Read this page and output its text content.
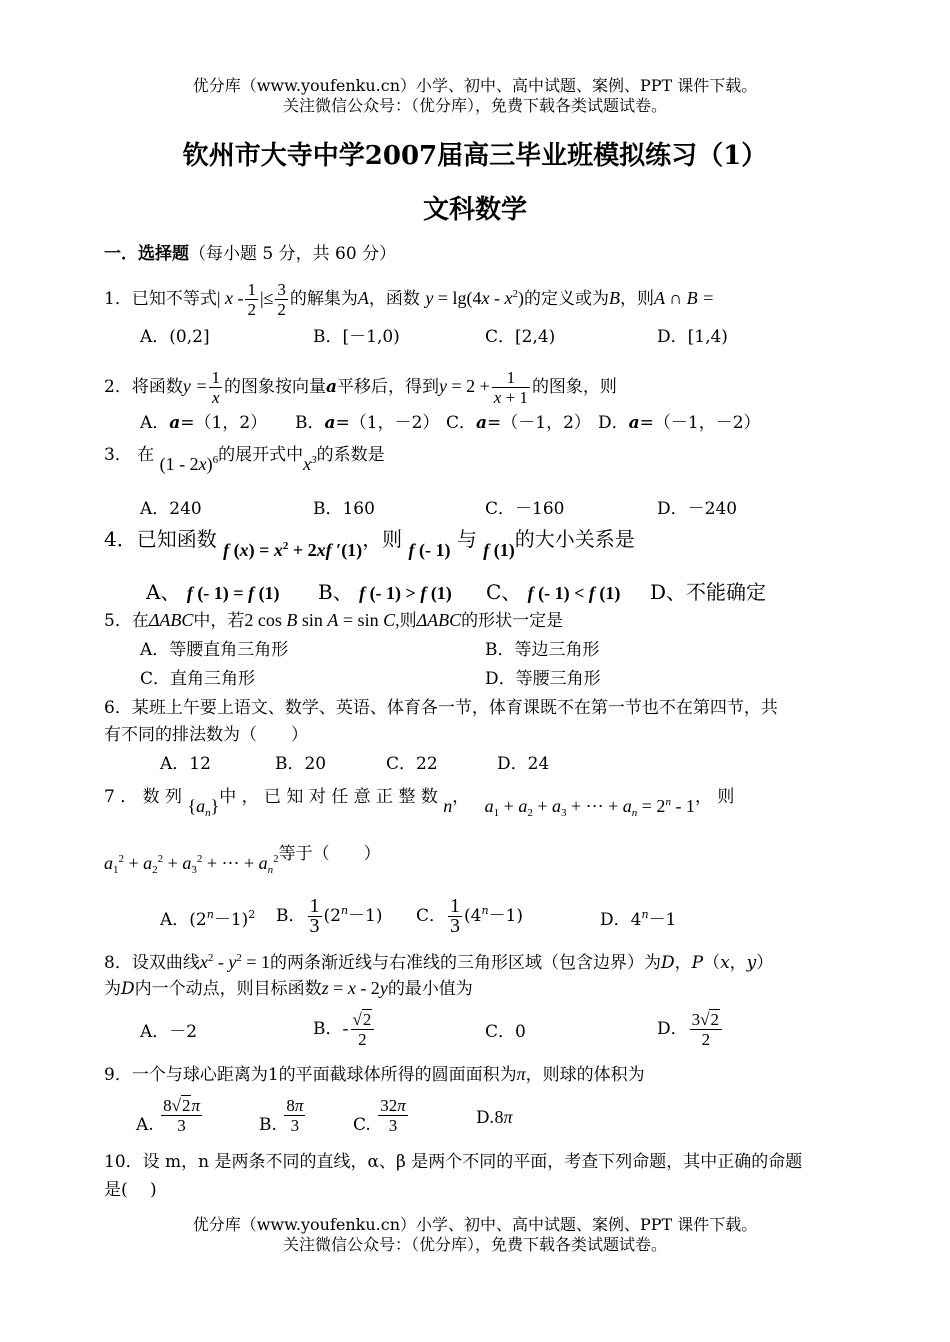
优分库（www.youfenku.cn）小学、初中、高中试题、案例、PPT 课件下载。
关注微信公众号：（优分库），免费下载各类试题试卷。
钦州市大寺中学2007届高三毕业班模拟练习（1）
文科数学
一．选择题（每小题 5 分，共 60 分）
1．已知不等式| x - $\frac{1}{2}$ |≤ $\frac{3}{2}$ 的解集为A，函数 $y = \lg(4x - x^2)$的定义或为B，则A ∩ B =
A．(0,2]	B．[－1,0)	C．[2,4)	D．[1,4)
2．将函数$y = \frac{1}{x}$ 的图象按向量a平移后，得到$y = 2 + \frac{1}{x + 1}$ 的图象，则
A．a=（1，2） B．a=（1，－2） C．a=（－1，2） D．a=（－1，－2）
3． 在 (1 - 2x)$^6$的展开式中$x^3$的系数是
A．240	B．160	C．－160	D．－240
4．已知函数 f $(x) = x^2 + 2xf$ ′(1)，则 f (- 1) 与 f (1)的大小关系是
A、 f (- 1) = f (1) B、 f (- 1) > f (1) C、 f (- 1) < f (1) D、不能确定
5．在ΔABC中，若2 cos B sin A = sin C,则ΔABC的形状一定是
A．等腰直角三角形	B．等边三角形
C．直角三角形	D．等腰三角形
6．某班上午要上语文、数学、英语、体育各一节，体育课既不在第一节也不在第四节，共
有不同的排法数为（　　）
A．12	B．20	C．22	D．24
7 ． 数 列 $\{a_n\}$中 ， 已 知 对 任 意 正 整 数 n， $a_1 + a_2 + a_3$ + ··· + $a_n = 2^n - 1$， 则
$a_1^2 + a_2^2 + a_3^2$ + ··· + $a_n^2$等于（　　）
A．$(2^n-1)^2$ B． $\frac{1}{3} (2^n-1)$ C． $\frac{1}{3} (4^n-1)$	D．$4^n-1$
8．设双曲线$x^2 - y^2 = 1$的两条渐近线与右准线的三角形区域（包含边界）为D，P（x，y）
为D内一个动点，则目标函数z = x - 2y的最小值为
A．－2	B．- $\frac{√2}{2}$	C．0	D． $\frac{3√2}{2}$
9．一个与球心距离为1的平面截球体所得的圆面面积为π，则球的体积为
A. $\frac{8√2\pi}{3}$	B. $\frac{8\pi}{3}$	C. $\frac{32\pi}{3}$	D.8π
10．设 m，n 是两条不同的直线，α、β 是两个不同的平面，考查下列命题，其中正确的命题
是(　 )
优分库（www.youfenku.cn）小学、初中、高中试题、案例、PPT 课件下载。
关注微信公众号：（优分库），免费下载各类试题试卷。
